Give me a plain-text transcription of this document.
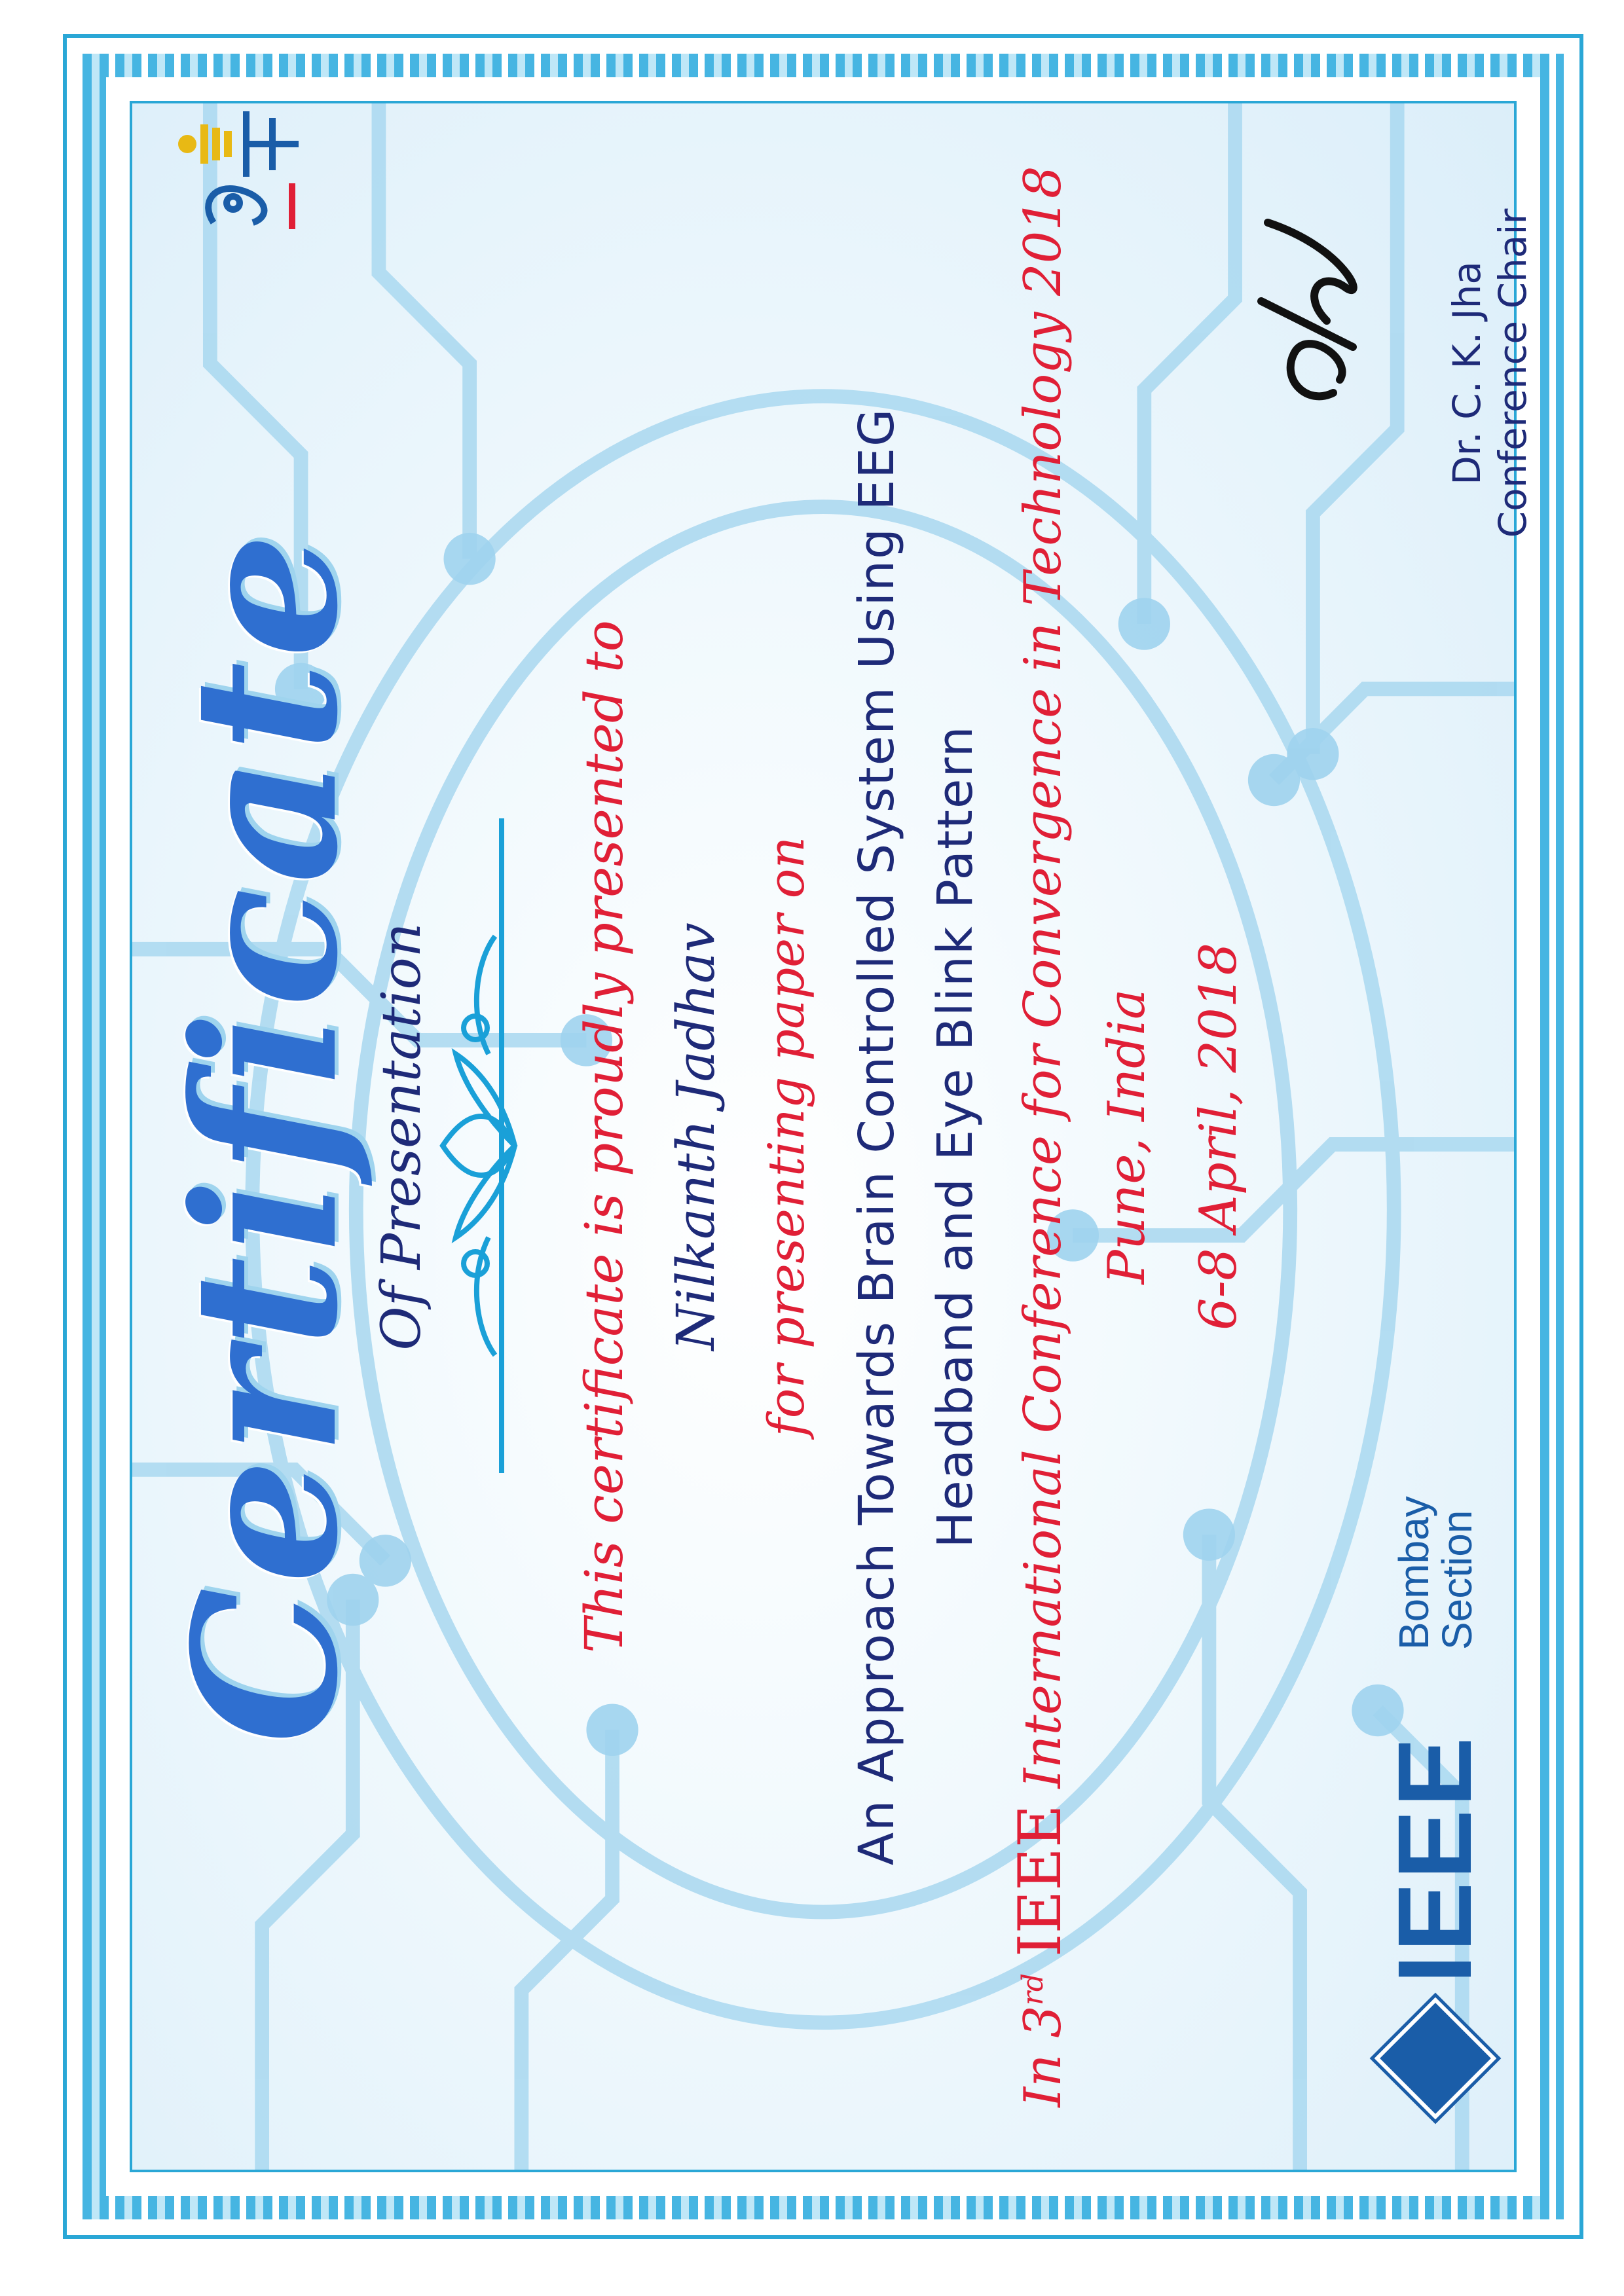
Certificate
Of Presentation	This certificate is proudly presented to Nilkanth Jadhav for presenting paper on An Approach Towards Brain Controlled System Using EEG Headband and Eye Blink Pattern
In 3rd IEEE International Conference for Convergence in Technology 2018 Pune, India 6-8 April, 2018
IEEE
Bombay
Section
Dr. C. K. Jha Conference Chair
